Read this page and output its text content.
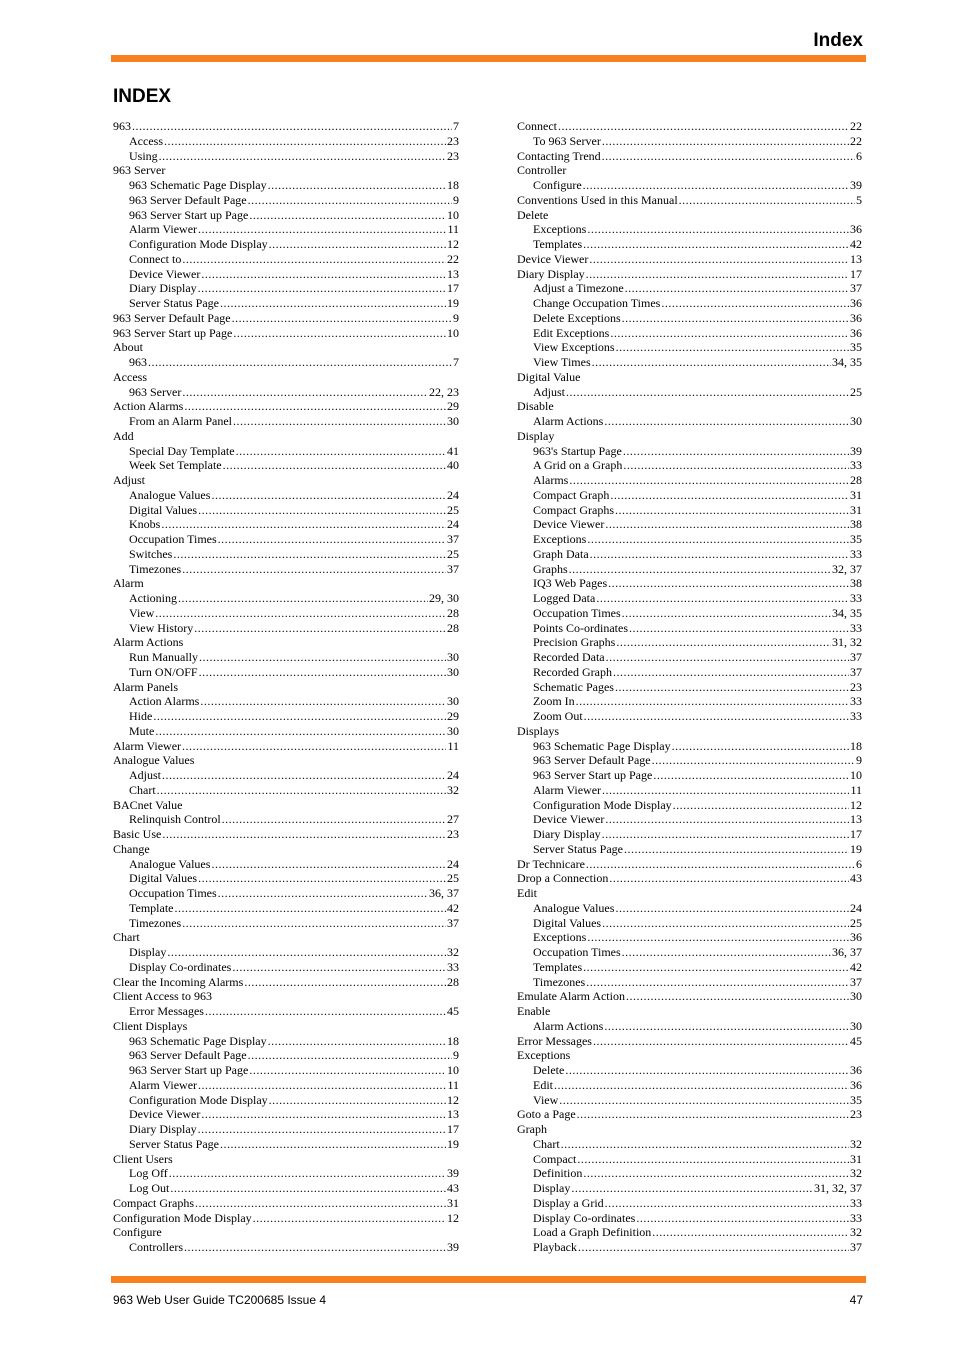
Index
INDEX
963 .....	7
Access .....	23
Using .....	23
963 Server
963 Schematic Page Display .....	18
963 Server Default Page .....	9
963 Server Start up Page .....	10
Alarm Viewer .....	11
Configuration Mode Display .....	12
Connect to .....	22
Device Viewer .....	13
Diary Display .....	17
Server Status Page .....	19
963 Server Default Page .....	9
963 Server Start up Page .....	10
About
963 .....	7
Access
963 Server .....	22, 23
Action Alarms .....	29
From an Alarm Panel .....	30
Add
Special Day Template .....	41
Week Set Template .....	40
Adjust
Analogue Values .....	24
Digital Values .....	25
Knobs .....	24
Occupation Times .....	37
Switches .....	25
Timezones .....	37
Alarm
Actioning .....	29, 30
View .....	28
View History .....	28
Alarm Actions
Run Manually .....	30
Turn ON/OFF .....	30
Alarm Panels
Action Alarms .....	30
Hide .....	29
Mute .....	30
Alarm Viewer .....	11
Analogue Values
Adjust .....	24
Chart .....	32
BACnet Value
Relinquish Control .....	27
Basic Use .....	23
Change
Analogue Values .....	24
Digital Values .....	25
Occupation Times .....	36, 37
Template .....	42
Timezones .....	37
Chart
Display .....	32
Display Co-ordinates .....	33
Clear the Incoming Alarms .....	28
Client Access to 963
Error Messages .....	45
Client Displays
963 Schematic Page Display .....	18
963 Server Default Page .....	9
963 Server Start up Page .....	10
Alarm Viewer .....	11
Configuration Mode Display .....	12
Device Viewer .....	13
Diary Display .....	17
Server Status Page .....	19
Client Users
Log Off .....	39
Log Out .....	43
Compact Graphs .....	31
Configuration Mode Display .....	12
Configure
Controllers .....	39
Connect .....	22
To 963 Server .....	22
Contacting Trend .....	6
Controller
Configure .....	39
Conventions Used in this Manual .....	5
Delete
Exceptions .....	36
Templates .....	42
Device Viewer .....	13
Diary Display .....	17
Adjust a Timezone .....	37
Change Occupation Times .....	36
Delete Exceptions .....	36
Edit Exceptions .....	36
View Exceptions .....	35
View Times .....	34, 35
Digital Value
Adjust .....	25
Disable
Alarm Actions .....	30
Display
963's Startup Page .....	39
A Grid on a Graph .....	33
Alarms .....	28
Compact Graph .....	31
Compact Graphs .....	31
Device Viewer .....	38
Exceptions .....	35
Graph Data .....	33
Graphs .....	32, 37
IQ3 Web Pages .....	38
Logged Data .....	33
Occupation Times .....	34, 35
Points Co-ordinates .....	33
Precision Graphs .....	31, 32
Recorded Data .....	37
Recorded Graph .....	37
Schematic Pages .....	23
Zoom In .....	33
Zoom Out .....	33
Displays
963 Schematic Page Display .....	18
963 Server Default Page .....	9
963 Server Start up Page .....	10
Alarm Viewer .....	11
Configuration Mode Display .....	12
Device Viewer .....	13
Diary Display .....	17
Server Status Page .....	19
Dr Technicare .....	6
Drop a Connection .....	43
Edit
Analogue Values .....	24
Digital Values .....	25
Exceptions .....	36
Occupation Times .....	36, 37
Templates .....	42
Timezones .....	37
Emulate Alarm Action .....	30
Enable
Alarm Actions .....	30
Error Messages .....	45
Exceptions
Delete .....	36
Edit .....	36
View .....	35
Goto a Page .....	23
Graph
Chart .....	32
Compact .....	31
Definition .....	32
Display .....	31, 32, 37
Display a Grid .....	33
Display Co-ordinates .....	33
Load a Graph Definition .....	32
Playback .....	37
963 Web User Guide TC200685 Issue 4	47
